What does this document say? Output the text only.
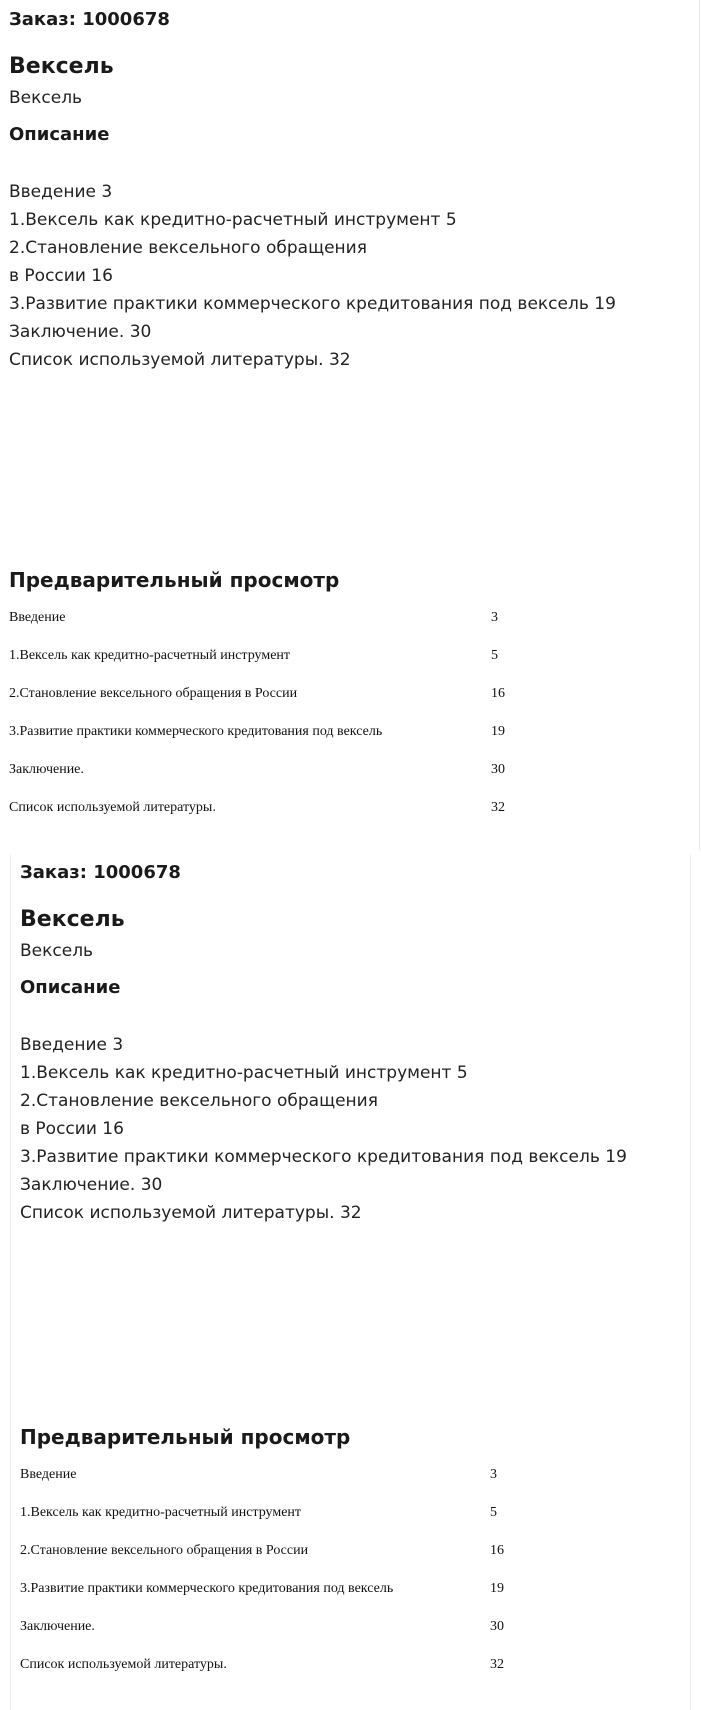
Заказ: 1000678
Вексель

Вексель

Описание

Введение 3

1.Вексель как кредитно-расчетный инструмент 5

2.Становление вексельного обращения

в России 16

3.Развитие практики коммерческого кредитования под вексель 19

Заключение. 30

Список используемой литературы. 32

Предварительный просмотр
Введение	3
1.Вексель как кредитно-расчетный инструмент	5
2.Становление вексельного обращения в России	16
3.Развитие практики коммерческого кредитования под вексель	19
Заключение.	30
Список используемой литературы.	32
Заказ: 1000678
Вексель

Вексель

Описание

Введение 3

1.Вексель как кредитно-расчетный инструмент 5

2.Становление вексельного обращения

в России 16

3.Развитие практики коммерческого кредитования под вексель 19

Заключение. 30

Список используемой литературы. 32

Предварительный просмотр
Введение	3
1.Вексель как кредитно-расчетный инструмент	5
2.Становление вексельного обращения в России	16
3.Развитие практики коммерческого кредитования под вексель	19
Заключение.	30
Список используемой литературы.	32
